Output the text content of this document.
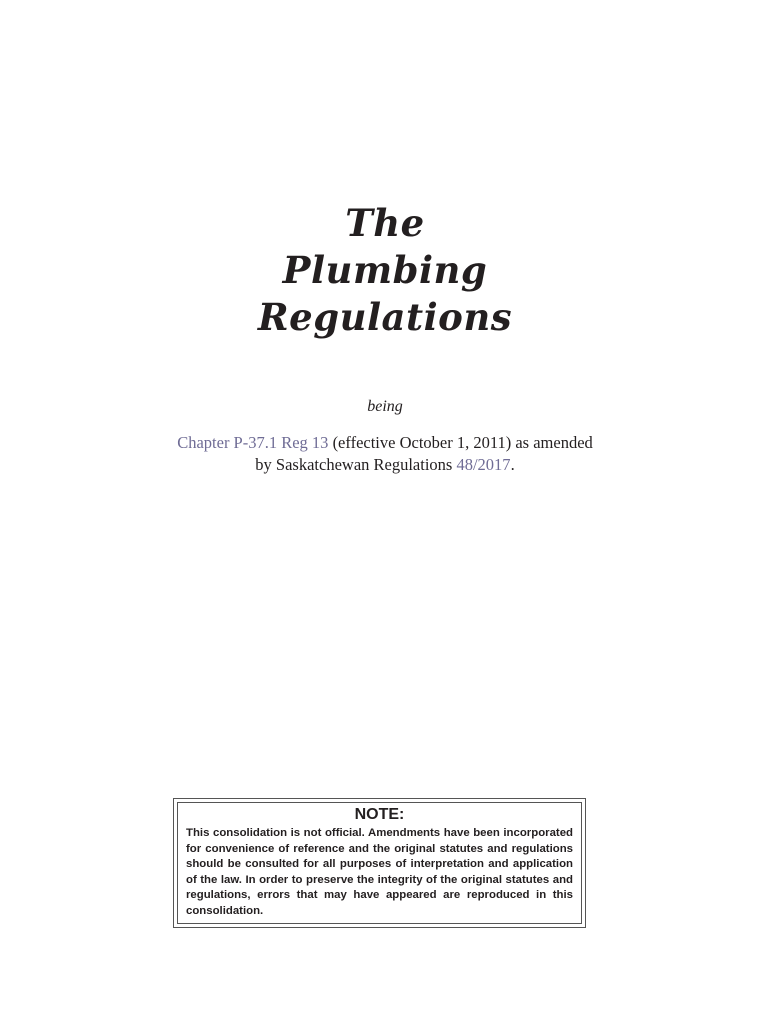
The
Plumbing
Regulations
being
Chapter P-37.1 Reg 13 (effective October 1, 2011) as amended
by Saskatchewan Regulations 48/2017.
NOTE:

This consolidation is not official. Amendments have been incorporated for convenience of reference and the original statutes and regulations should be consulted for all purposes of interpretation and application of the law. In order to preserve the integrity of the original statutes and regulations, errors that may have appeared are reproduced in this consolidation.
